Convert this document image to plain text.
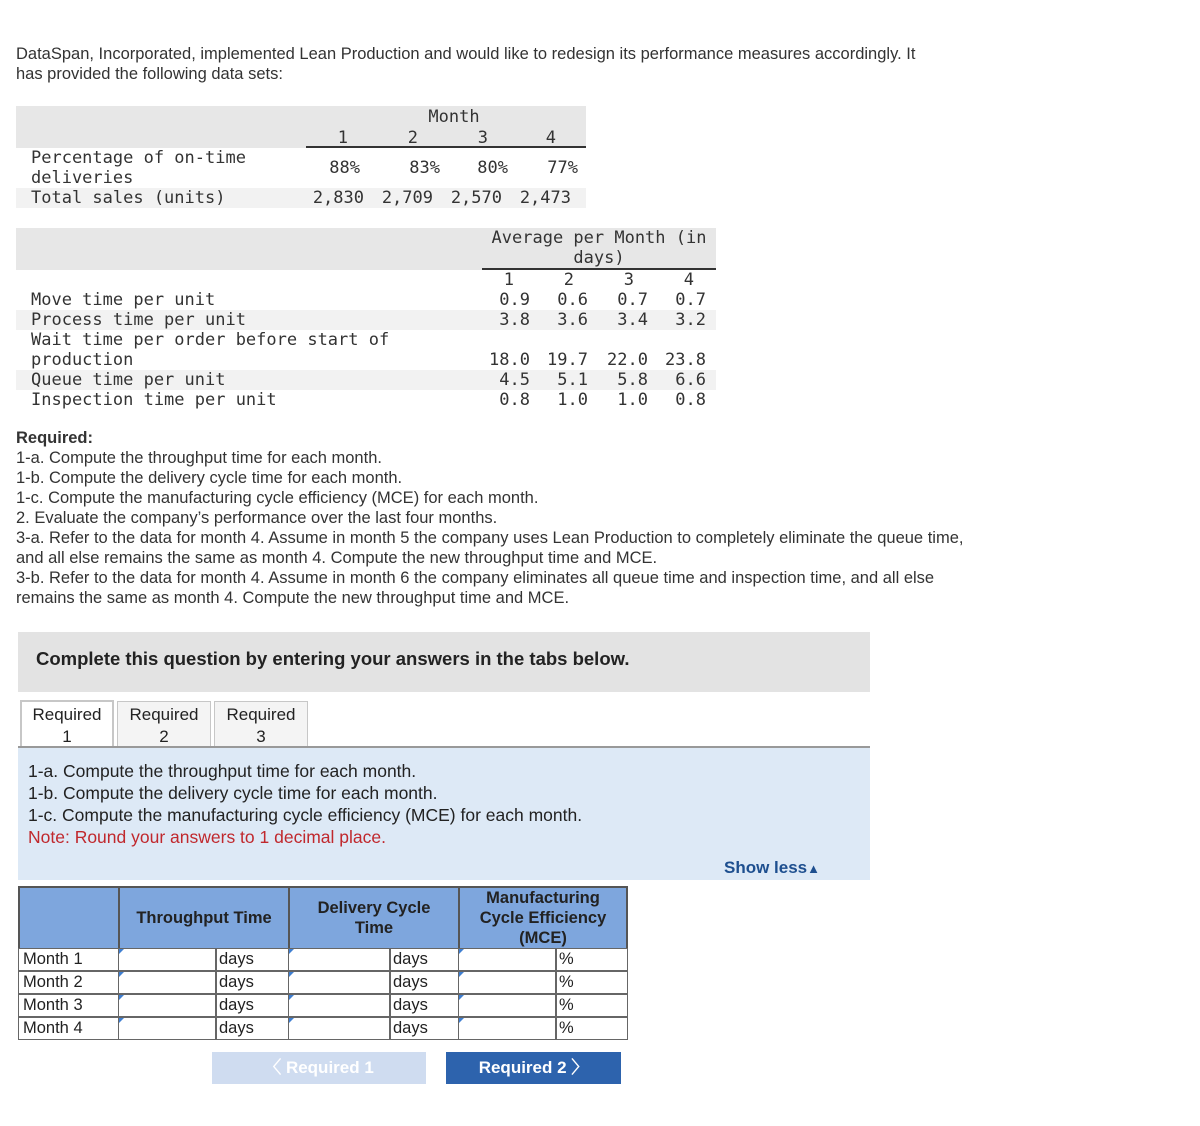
DataSpan, Incorporated, implemented Lean Production and would like to redesign its performance measures accordingly. It has provided the following data sets:
Month
1	2	3	4
Percentage of on-time
deliveries	88%	83%	80%	77%
Total sales (units)	2,830	2,709	2,570	2,473
Average per Month (in
days)
1	2	3	4
Move time per unit	0.9	0.6	0.7	0.7
Process time per unit	3.8	3.6	3.4	3.2
Wait time per order before start of
production	18.0	19.7	22.0	23.8
Queue time per unit	4.5	5.1	5.8	6.6
Inspection time per unit	0.8	1.0	1.0	0.8
Required:
1-a. Compute the throughput time for each month.
1-b. Compute the delivery cycle time for each month.
1-c. Compute the manufacturing cycle efficiency (MCE) for each month.
2. Evaluate the company’s performance over the last four months.
3-a. Refer to the data for month 4. Assume in month 5 the company uses Lean Production to completely eliminate the queue time, and all else remains the same as month 4. Compute the new throughput time and MCE.
3-b. Refer to the data for month 4. Assume in month 6 the company eliminates all queue time and inspection time, and all else remains the same as month 4. Compute the new throughput time and MCE.
Complete this question by entering your answers in the tabs below.
Required
1
Required
2
Required
3
1-a. Compute the throughput time for each month.
1-b. Compute the delivery cycle time for each month.
1-c. Compute the manufacturing cycle efficiency (MCE) for each month.
Note: Round your answers to 1 decimal place.
Show less▲
Throughput Time
Delivery Cycle Time
Manufacturing Cycle Efficiency (MCE)
Month 1	days	days	%
Month 2	days	days	%
Month 3	days	days	%
Month 4	days	days	%
〈 Required 1	Required 2 〉
